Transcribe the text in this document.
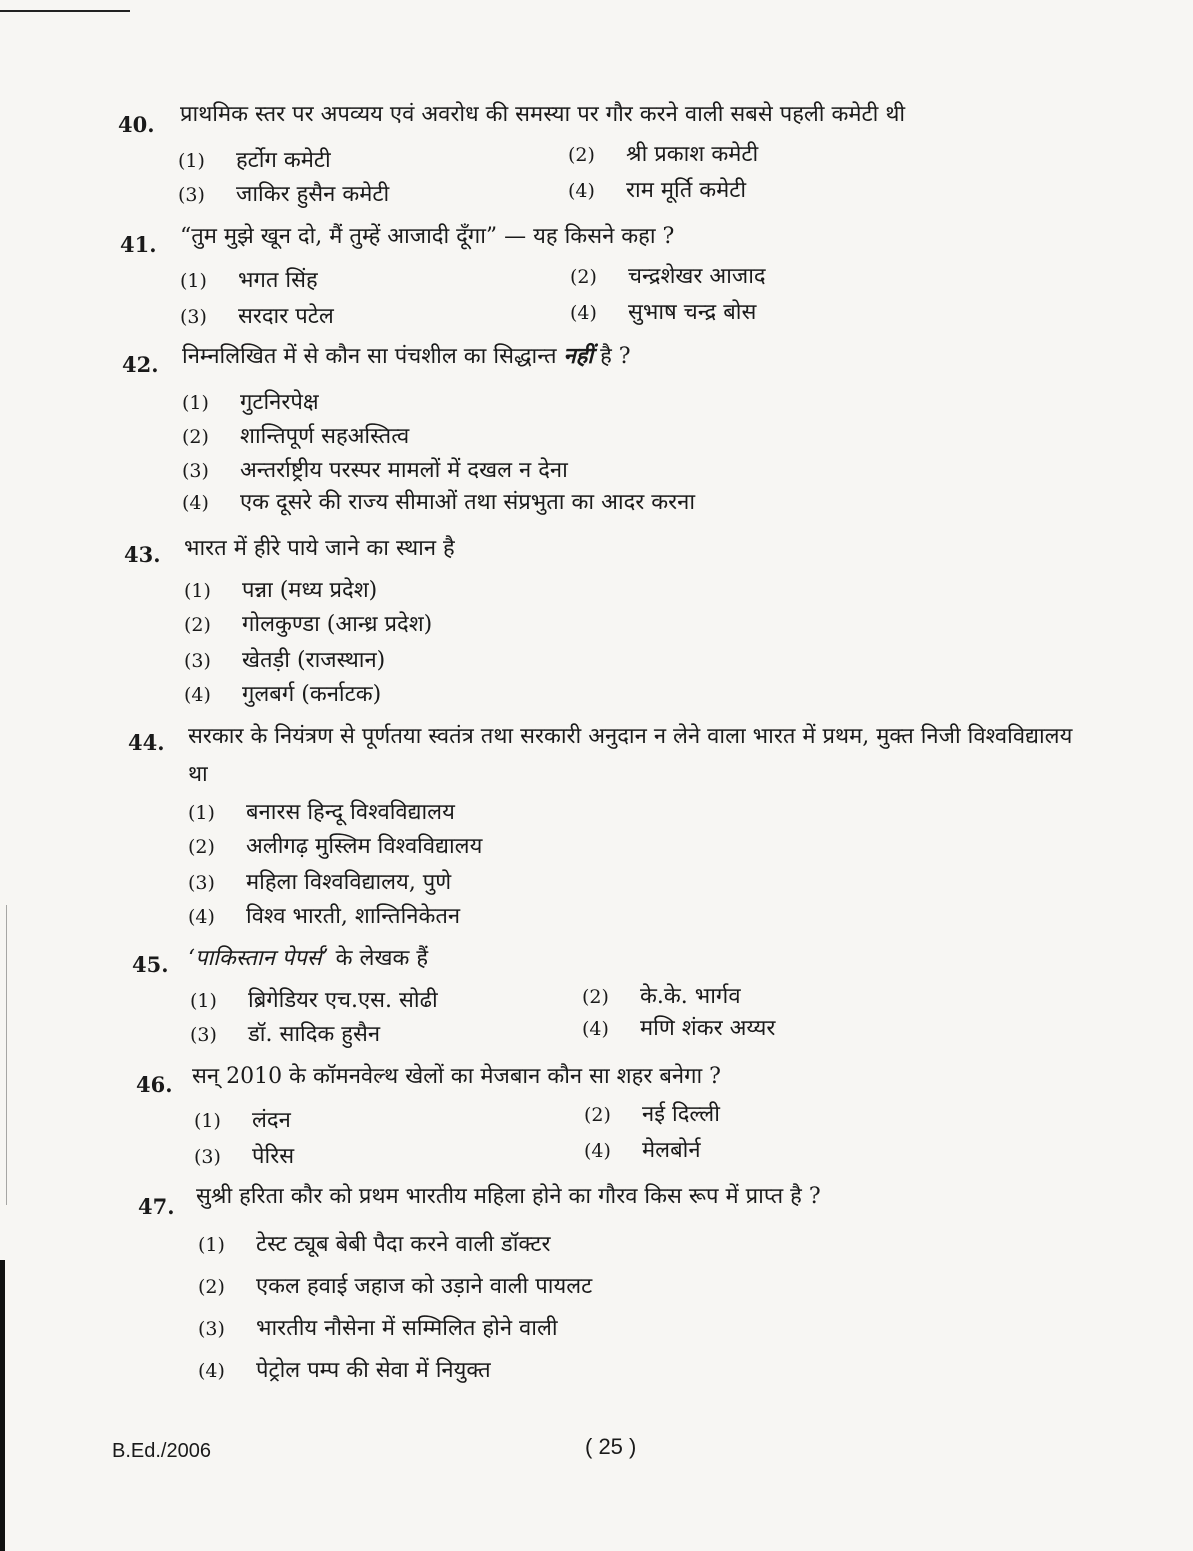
40. प्राथमिक स्तर पर अपव्यय एवं अवरोध की समस्या पर गौर करने वाली सबसे पहली कमेटी थी
(1) हर्टोग कमेटी	(2) श्री प्रकाश कमेटी
(3) जाकिर हुसैन कमेटी	(4) राम मूर्ति कमेटी
41. “तुम मुझे खून दो, मैं तुम्हें आजादी दूँगा” — यह किसने कहा ?
(1) भगत सिंह	(2) चन्द्रशेखर आजाद
(3) सरदार पटेल	(4) सुभाष चन्द्र बोस
42. निम्नलिखित में से कौन सा पंचशील का सिद्धान्त नहीं है ?
(1) गुटनिरपेक्ष
(2) शान्तिपूर्ण सहअस्तित्व
(3) अन्तर्राष्ट्रीय परस्पर मामलों में दखल न देना
(4) एक दूसरे की राज्य सीमाओं तथा संप्रभुता का आदर करना
43. भारत में हीरे पाये जाने का स्थान है
(1) पन्ना (मध्य प्रदेश)
(2) गोलकुण्डा (आन्ध्र प्रदेश)
(3) खेतड़ी (राजस्थान)
(4) गुलबर्ग (कर्नाटक)
44. सरकार के नियंत्रण से पूर्णतया स्वतंत्र तथा सरकारी अनुदान न लेने वाला भारत में प्रथम, मुक्त निजी विश्वविद्यालय था
(1) बनारस हिन्दू विश्वविद्यालय
(2) अलीगढ़ मुस्लिम विश्वविद्यालय
(3) महिला विश्वविद्यालय, पुणे
(4) विश्व भारती, शान्तिनिकेतन
45. ‘पाकिस्तान पेपर्स’ के लेखक हैं
(1) ब्रिगेडियर एच.एस. सोढी	(2) के.के. भार्गव
(3) डॉ. सादिक हुसैन	(4) मणि शंकर अय्यर
46. सन् 2010 के कॉमनवेल्थ खेलों का मेजबान कौन सा शहर बनेगा ?
(1) लंदन	(2) नई दिल्ली
(3) पेरिस	(4) मेलबोर्न
47. सुश्री हरिता कौर को प्रथम भारतीय महिला होने का गौरव किस रूप में प्राप्त है ?
(1) टेस्ट ट्यूब बेबी पैदा करने वाली डॉक्टर
(2) एकल हवाई जहाज को उड़ाने वाली पायलट
(3) भारतीय नौसेना में सम्मिलित होने वाली
(4) पेट्रोल पम्प की सेवा में नियुक्त
B.Ed./2006	( 25 )
